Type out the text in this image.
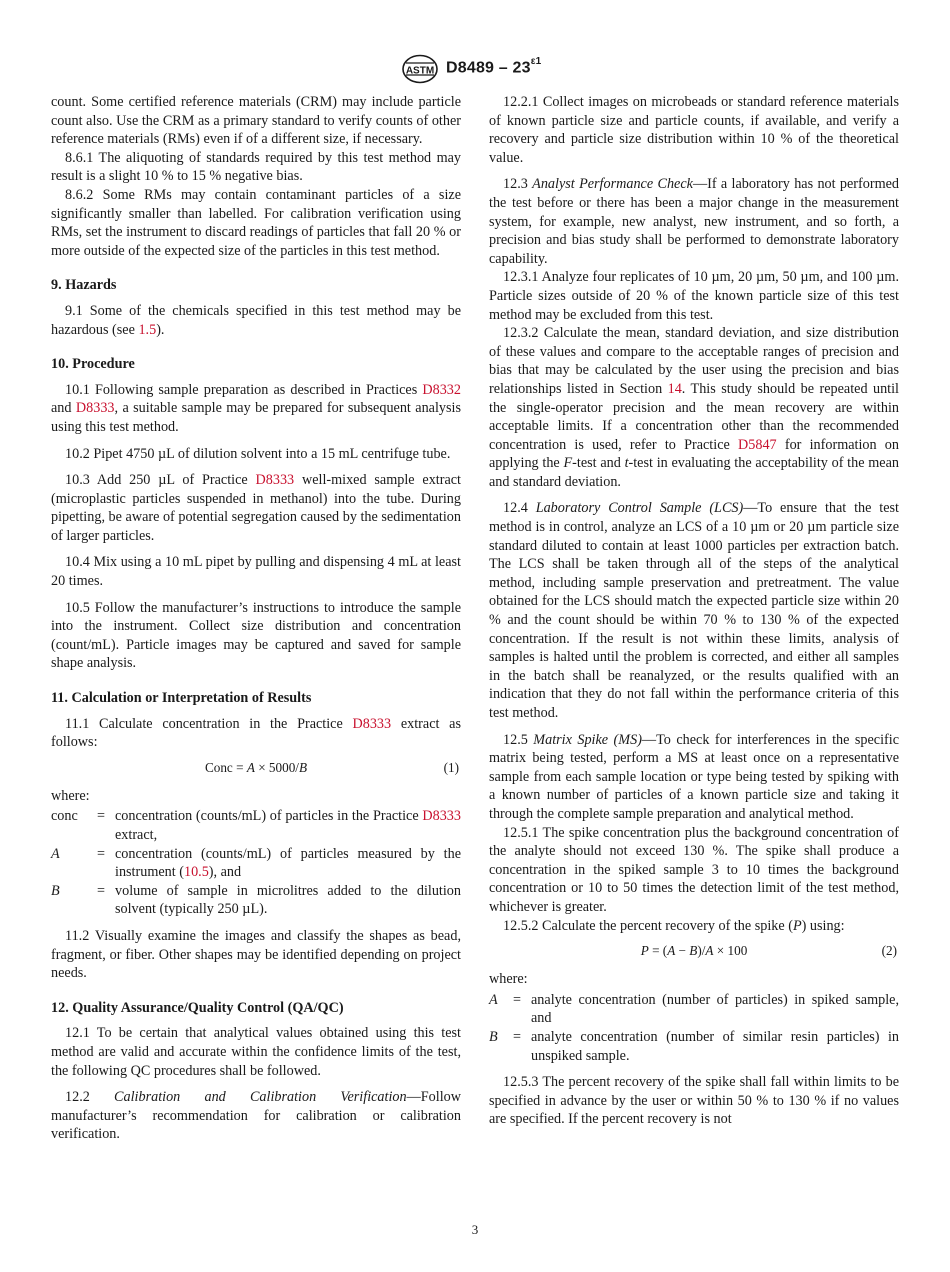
ASTM $D8489 - 23^{\varepsilon 1}$

count. Some certified reference materials (CRM) may include particle count also. Use the CRM as a primary standard to verify counts of other reference materials (RMs) even if of a different size, if necessary.

8.6.1 The aliquoting of standards required by this test method may result is a slight 10 % to 15 % negative bias.

8.6.2 Some RMs may contain contaminant particles of a size significantly smaller than labelled. For calibration verification using RMs, set the instrument to discard readings of particles that fall 20 % or more outside of the expected size of the particles in this test method.

9. Hazards

9.1 Some of the chemicals specified in this test method may be hazardous (see 1.5).

10. Procedure

10.1 Following sample preparation as described in Practices D8332 and D8333, a suitable sample may be prepared for subsequent analysis using this test method.

10.2 Pipet 4750 µL of dilution solvent into a 15 mL centrifuge tube.

10.3 Add 250 µL of Practice D8333 well-mixed sample extract (microplastic particles suspended in methanol) into the tube. During pipetting, be aware of potential segregation caused by the sedimentation of larger particles.

10.4 Mix using a 10 mL pipet by pulling and dispensing 4 mL at least 20 times.

10.5 Follow the manufacturer’s instructions to introduce the sample into the instrument. Collect size distribution and concentration (count/mL). Particle images may be captured and saved for sample shape analysis.

11. Calculation or Interpretation of Results

11.1 Calculate concentration in the Practice D8333 extract as follows:

Conc = A × 5000/B	(1)

where:

conc	= concentration (counts/mL) of particles in the Practice D8333 extract,
A	= concentration (counts/mL) of particles measured by the instrument (10.5), and
B	= volume of sample in microlitres added to the dilution solvent (typically 250 µL).

11.2 Visually examine the images and classify the shapes as bead, fragment, or fiber. Other shapes may be identified depending on project needs.

12. Quality Assurance/Quality Control (QA/QC)

12.1 To be certain that analytical values obtained using this test method are valid and accurate within the confidence limits of the test, the following QC procedures shall be followed.

12.2 Calibration and Calibration Verification—Follow manufacturer’s recommendation for calibration or calibration verification.

12.2.1 Collect images on microbeads or standard reference materials of known particle size and particle counts, if available, and verify a recovery and particle size distribution within 10 % of the theoretical value.

12.3 Analyst Performance Check—If a laboratory has not performed the test before or there has been a major change in the measurement system, for example, new analyst, new instrument, and so forth, a precision and bias study shall be performed to demonstrate laboratory capability.

12.3.1 Analyze four replicates of 10 µm, 20 µm, 50 µm, and 100 µm. Particle sizes outside of 20 % of the known particle size of this test method may be excluded from this test.

12.3.2 Calculate the mean, standard deviation, and size distribution of these values and compare to the acceptable ranges of precision and bias that may be calculated by the user using the precision and bias relationships listed in Section 14. This study should be repeated until the single-operator precision and the mean recovery are within acceptable limits. If a concentration other than the recommended concentration is used, refer to Practice D5847 for information on applying the F-test and t-test in evaluating the acceptability of the mean and standard deviation.

12.4 Laboratory Control Sample (LCS)—To ensure that the test method is in control, analyze an LCS of a 10 µm or 20 µm particle size standard diluted to contain at least 1000 particles per extraction batch. The LCS shall be taken through all of the steps of the analytical method, including sample preservation and pretreatment. The value obtained for the LCS should match the expected particle size within 20 % and the count should be within 70 % to 130 % of the expected concentration. If the result is not within these limits, analysis of samples is halted until the problem is corrected, and either all samples in the batch shall be reanalyzed, or the results qualified with an indication that they do not fall within the performance criteria of this test method.

12.5 Matrix Spike (MS)—To check for interferences in the specific matrix being tested, perform a MS at least once on a representative sample from each sample location or type being tested by spiking with a known number of particles of a known particle size and taking it through the complete sample preparation and analytical method.

12.5.1 The spike concentration plus the background concentration of the analyte should not exceed 130 %. The spike shall produce a concentration in the spiked sample 3 to 10 times the background concentration or 10 to 50 times the detection limit of the test method, whichever is greater.

12.5.2 Calculate the percent recovery of the spike (P) using:

P = (A − B)/A × 100	(2)

where:

A	= analyte concentration (number of particles) in spiked sample, and
B	= analyte concentration (number of similar resin particles) in unspiked sample.

12.5.3 The percent recovery of the spike shall fall within limits to be specified in advance by the user or within 50 % to 130 % if no values are specified. If the percent recovery is not

3
